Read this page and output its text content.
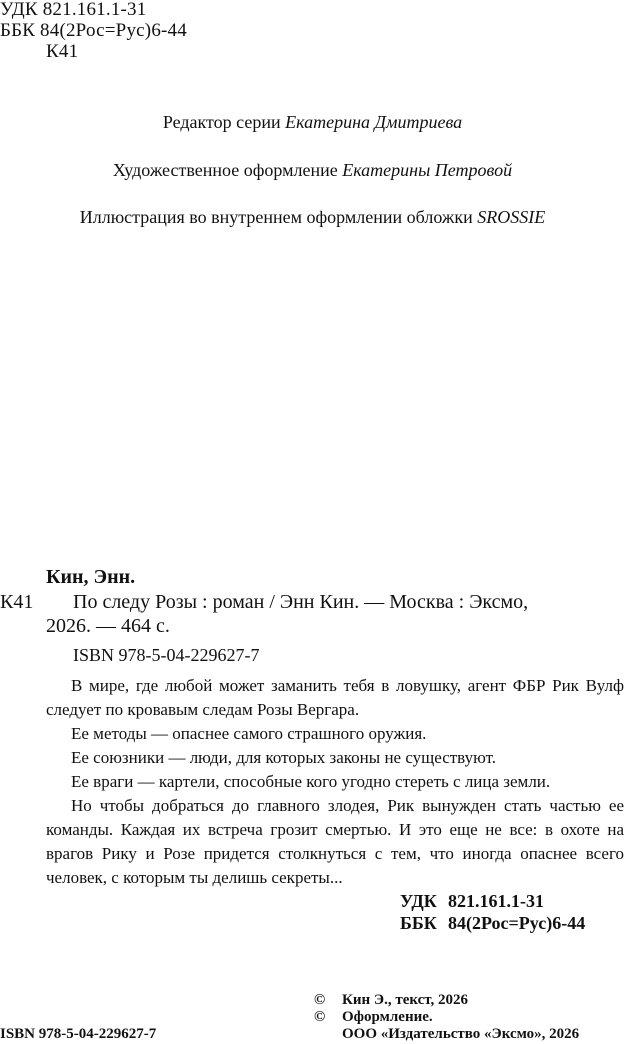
УДК 821.161.1-31
ББК 84(2Рос=Рус)6-44
К41
Редактор серии Екатерина Дмитриева
Художественное оформление Екатерины Петровой
Иллюстрация во внутреннем оформлении обложки SROSSIE
Кин, Энн.
К41 По следу Розы : роман / Энн Кин. — Москва : Эксмо,
2026. — 464 с.
ISBN 978-5-04-229627-7

В мире, где любой может заманить тебя в ловушку, агент ФБР Рик Вулф следует по кровавым следам Розы Вергара.

Ее методы — опаснее самого страшного оружия.

Ее союзники — люди, для которых законы не существуют.

Ее враги — картели, способные кого угодно стереть с лица земли.

Но чтобы добраться до главного злодея, Рик вынужден стать частью ее команды. Каждая их встреча грозит смертью. И это еще не все: в охоте на врагов Рику и Розе придется столкнуться с тем, что иногда опаснее всего человек, с которым ты делишь секреты...

УДК 821.161.1-31
ББК 84(2Рос=Рус)6-44
© Кин Э., текст, 2026
© Оформление.
ООО «Издательство «Эксмо», 2026
ISBN 978-5-04-229627-7
